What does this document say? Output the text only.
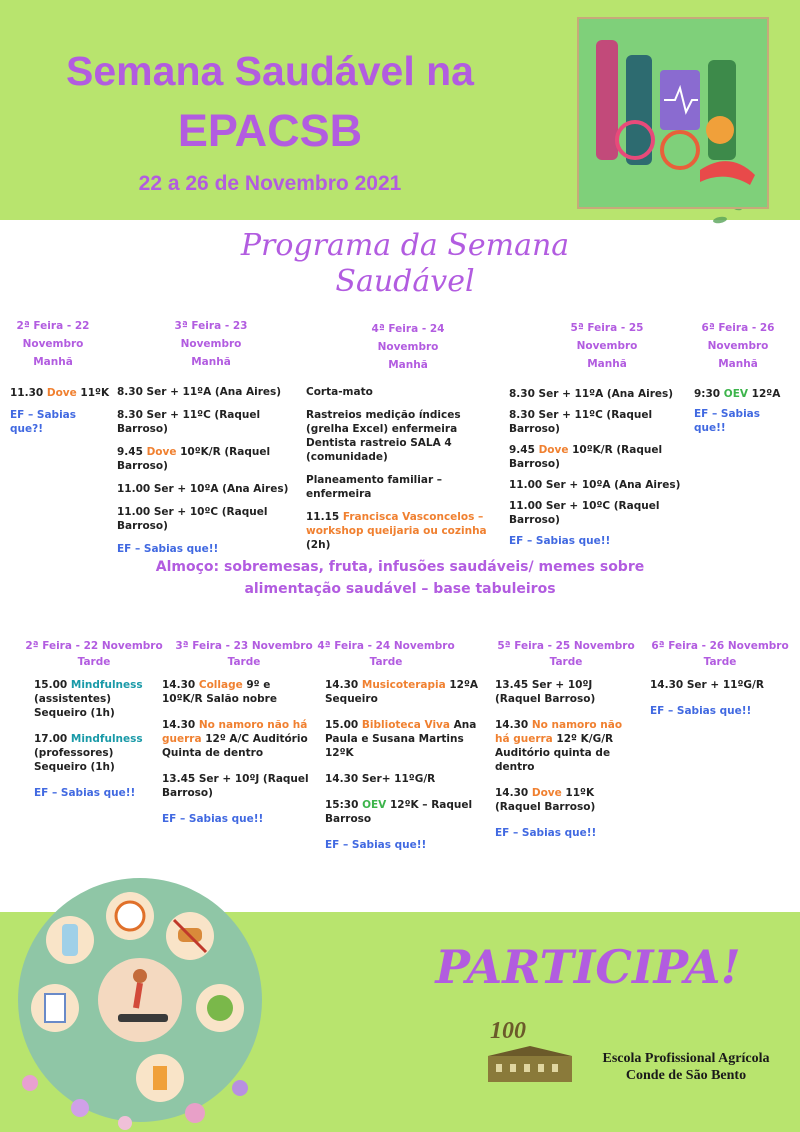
Semana Saudável na
EPACSB
22 a 26 de Novembro 2021
Programa da Semana
Saudável
2ª Feira - 22
Novembro
Manhã
3ª Feira - 23
Novembro
Manhã
4ª Feira - 24
Novembro
Manhã
5ª Feira - 25
Novembro
Manhã
6ª Feira - 26
Novembro
Manhã
11.30 Dove 11ºK
EF – Sabias que?!
8.30 Ser + 11ºA (Ana Aires)
8.30 Ser + 11ºC (Raquel Barroso)
9.45 Dove 10ºK/R (Raquel Barroso)
11.00 Ser + 10ºA (Ana Aires)
11.00 Ser + 10ºC (Raquel Barroso)
EF – Sabias que!!
Corta-mato
Rastreios medição índices (grelha Excel) enfermeira Dentista rastreio SALA 4 (comunidade)
Planeamento familiar – enfermeira
11.15 Francisca Vasconcelos – workshop queijaria ou cozinha (2h)
8.30 Ser + 11ºA (Ana Aires)
8.30 Ser + 11ºC (Raquel Barroso)
9.45 Dove 10ºK/R (Raquel Barroso)
11.00 Ser + 10ºA (Ana Aires)
11.00 Ser + 10ºC (Raquel Barroso)
EF – Sabias que!!
9:30 OEV 12ºA
EF – Sabias que!!
Almoço: sobremesas, fruta, infusões saudáveis/ memes sobre
alimentação saudável – base tabuleiros
2ª Feira - 22 Novembro
Tarde
3ª Feira - 23 Novembro
Tarde
4ª Feira - 24 Novembro
Tarde
5ª Feira - 25 Novembro
Tarde
6ª Feira - 26 Novembro
Tarde
15.00 Mindfulness (assistentes) Sequeiro (1h)
17.00 Mindfulness (professores) Sequeiro (1h)
EF – Sabias que!!
14.30 Collage 9º e 10ºK/R Salão nobre
14.30 No namoro não há guerra 12º A/C Auditório Quinta de dentro
13.45 Ser + 10ºJ (Raquel Barroso)
EF – Sabias que!!
14.30 Musicoterapia 12ºA Sequeiro
15.00 Biblioteca Viva Ana Paula e Susana Martins 12ºK
14.30 Ser+ 11ºG/R
15:30 OEV 12ºK – Raquel Barroso
EF – Sabias que!!
13.45 Ser + 10ºJ (Raquel Barroso)
14.30 No namoro não há guerra 12º K/G/R Auditório quinta de dentro
14.30 Dove 11ºK (Raquel Barroso)
EF – Sabias que!!
14.30 Ser + 11ºG/R
EF – Sabias que!!
PARTICIPA!
100
Escola Profissional Agrícola
Conde de São Bento
